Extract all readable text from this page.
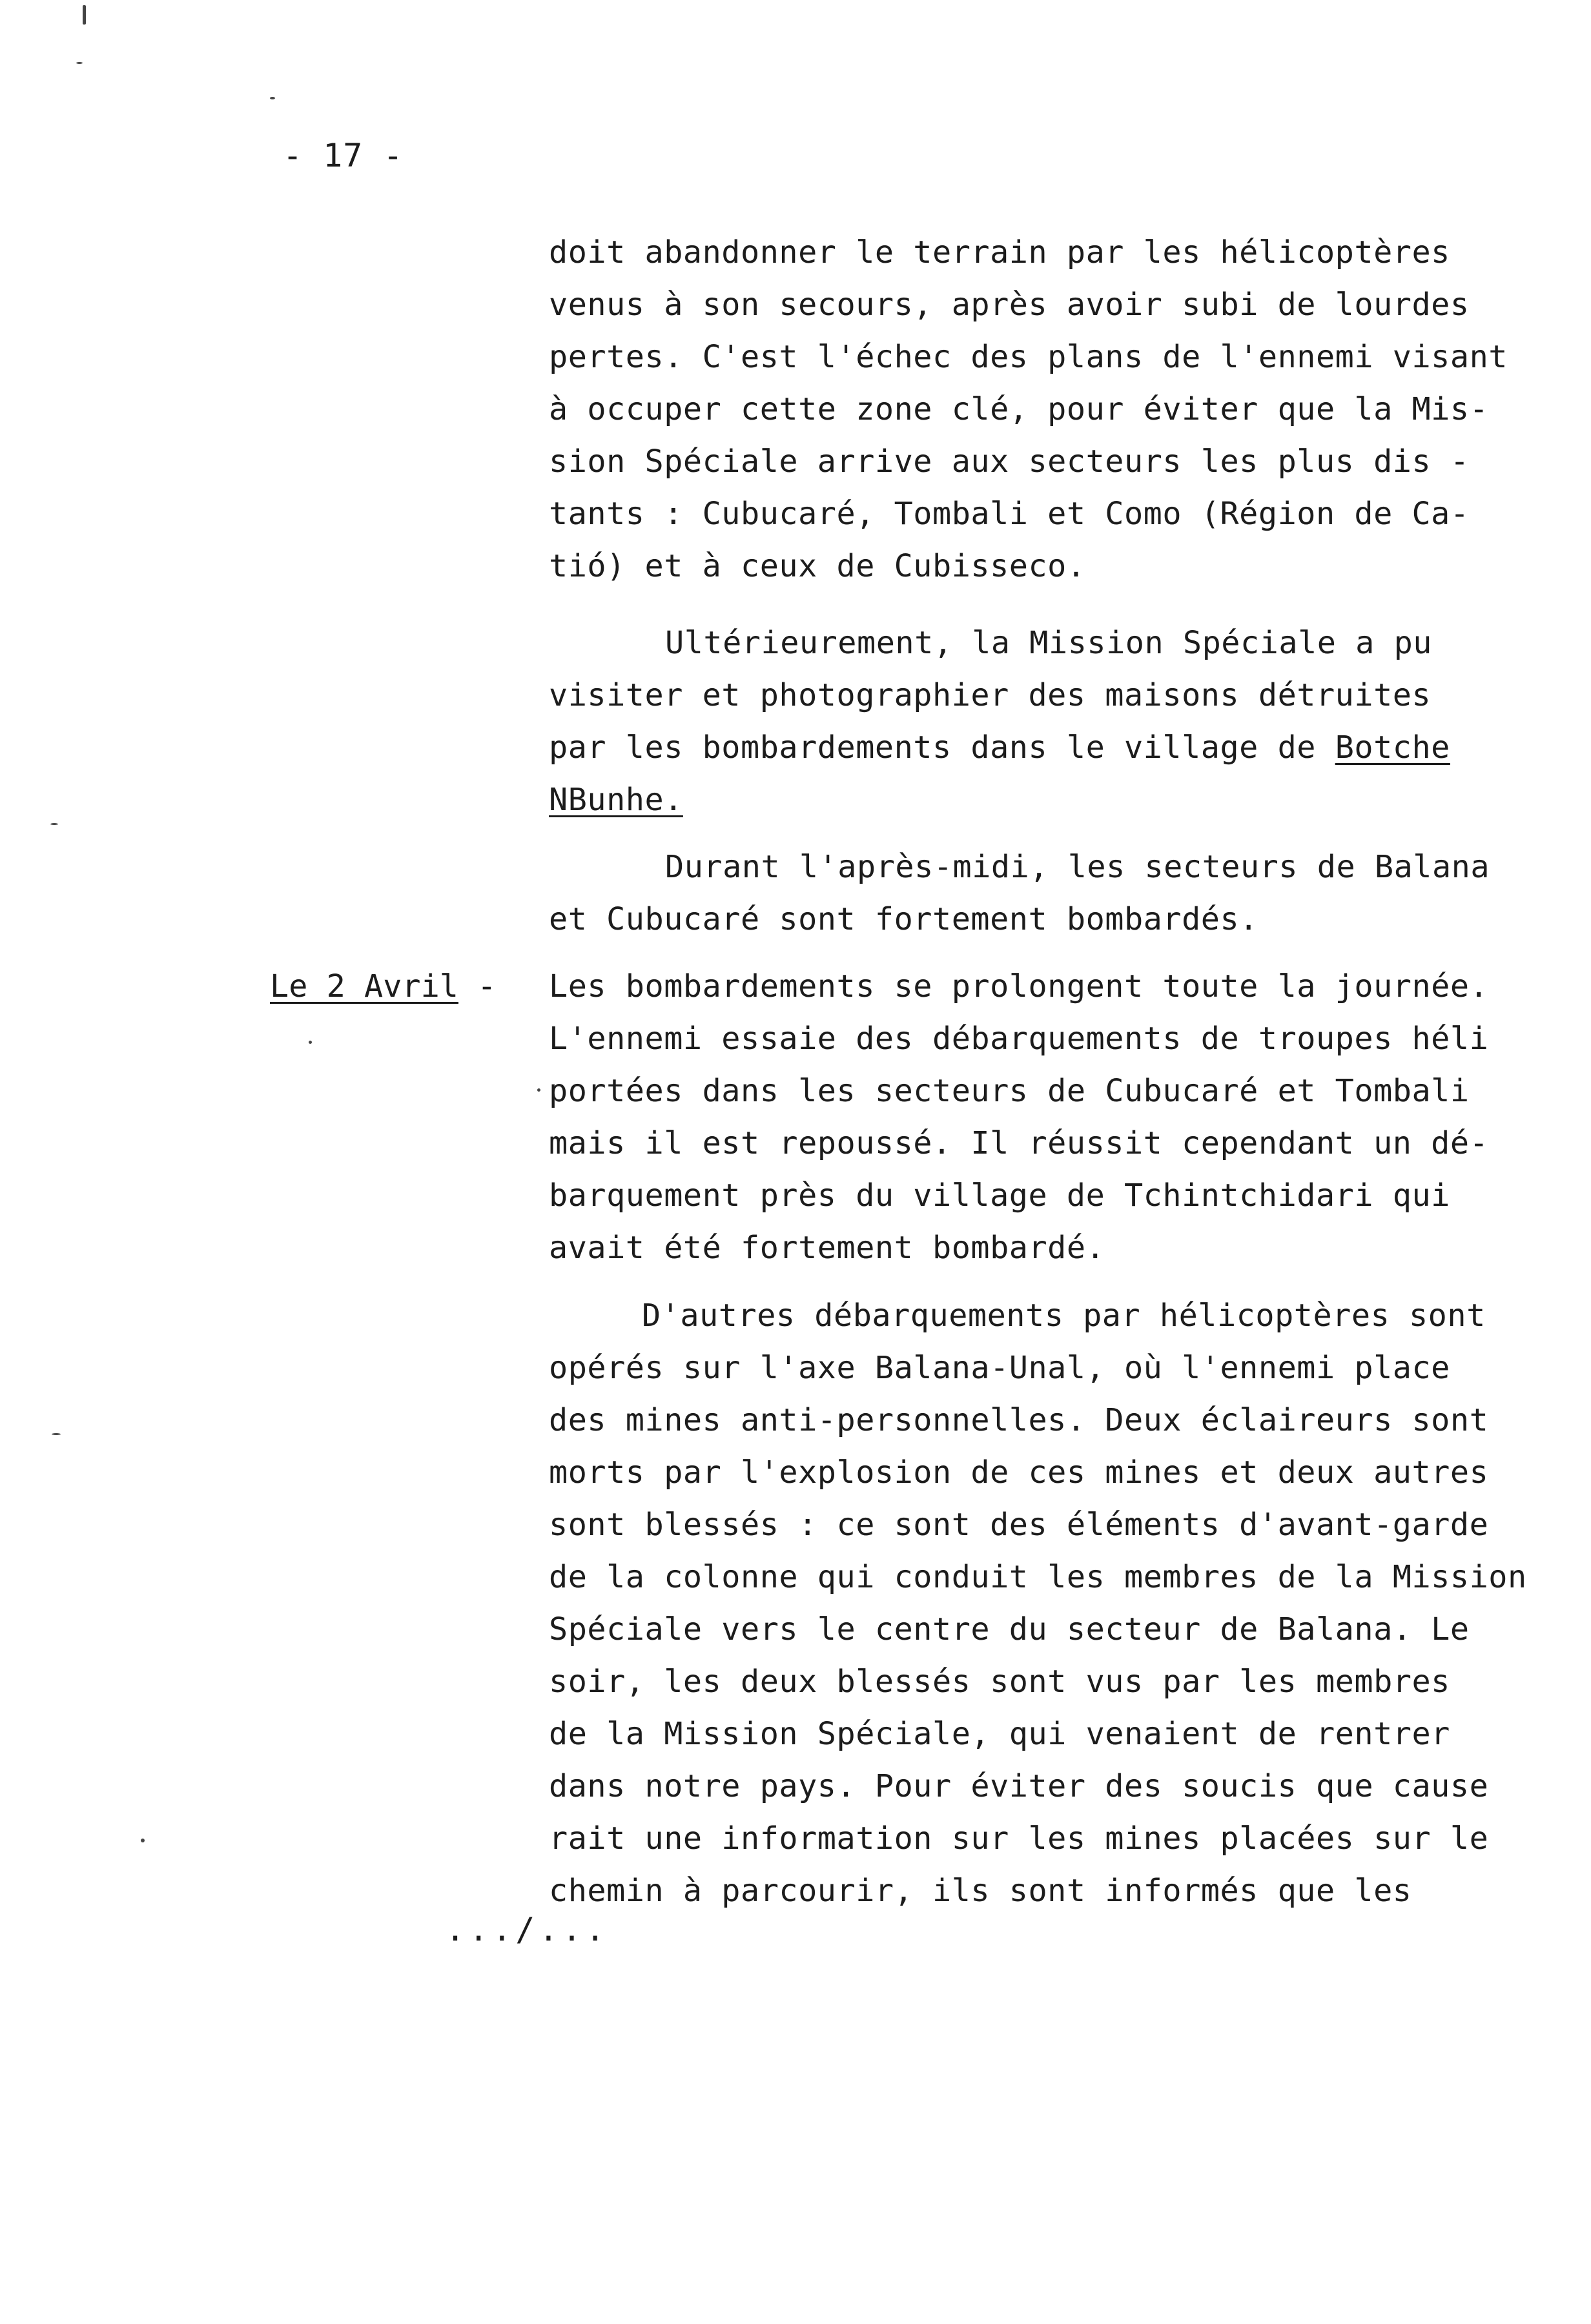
- 17 -
doit abandonner le terrain par les hélicoptères
venus à son secours, après avoir subi de lourdes
pertes. C'est l'échec des plans de l'ennemi visant
à occuper cette zone clé, pour éviter que la Mis-
sion Spéciale arrive aux secteurs les plus dis -
tants : Cubucaré, Tombali et Como (Région de Ca-
tió) et à ceux de Cubisseco.
Ultérieurement, la Mission Spéciale a pu
visiter et photographier des maisons détruites
par les bombardements dans le village de Botche
NBunhe.
Durant l'après-midi, les secteurs de Balana
et Cubucaré sont fortement bombardés.
Le 2 Avril - Les bombardements se prolongent toute la journée.
L'ennemi essaie des débarquements de troupes héli
portées dans les secteurs de Cubucaré et Tombali
mais il est repoussé. Il réussit cependant un dé-
barquement près du village de Tchintchidari qui
avait été fortement bombardé.
D'autres débarquements par hélicoptères sont
opérés sur l'axe Balana-Unal, où l'ennemi place
des mines anti-personnelles. Deux éclaireurs sont
morts par l'explosion de ces mines et deux autres
sont blessés : ce sont des éléments d'avant-garde
de la colonne qui conduit les membres de la Mission
Spéciale vers le centre du secteur de Balana. Le
soir, les deux blessés sont vus par les membres
de la Mission Spéciale, qui venaient de rentrer
dans notre pays. Pour éviter des soucis que cause
rait une information sur les mines placées sur le
chemin à parcourir, ils sont informés que les
.../...
